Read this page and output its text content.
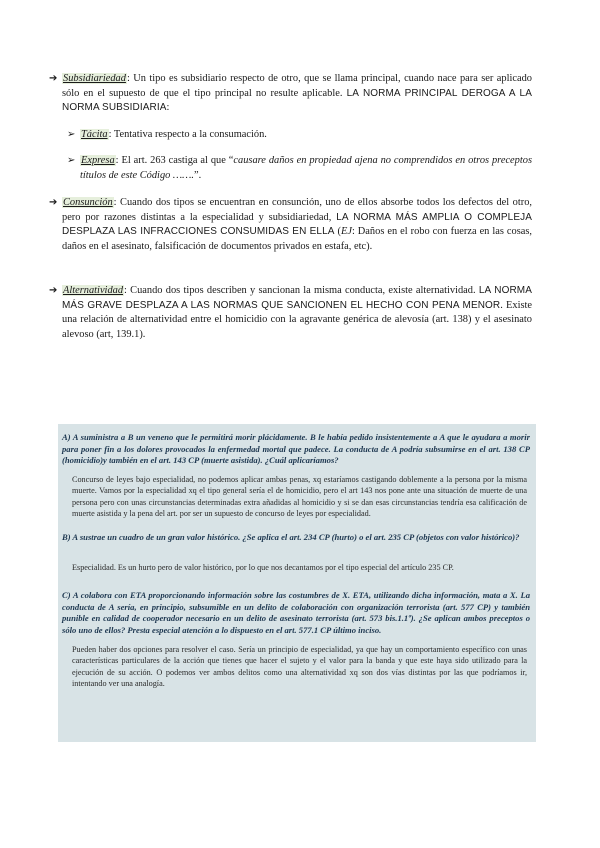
➔ Subsidiariedad: Un tipo es subsidiario respecto de otro, que se llama principal, cuando nace para ser aplicado sólo en el supuesto de que el tipo principal no resulte aplicable. LA NORMA PRINCIPAL DEROGA A LA NORMA SUBSIDIARIA:
➢ Tácita: Tentativa respecto a la consumación.
➢ Expresa: El art. 263 castiga al que “causare daños en propiedad ajena no comprendidos en otros preceptos títulos de este Código …….”.
➔ Consunción: Cuando dos tipos se encuentran en consunción, uno de ellos absorbe todos los defectos del otro, pero por razones distintas a la especialidad y subsidiariedad, LA NORMA MÁS AMPLIA O COMPLEJA DESPLAZA LAS INFRACCIONES CONSUMIDAS EN ELLA (EJ: Daños en el robo con fuerza en las cosas, daños en el asesinato, falsificación de documentos privados en estafa, etc).
➔ Alternatividad: Cuando dos tipos describen y sancionan la misma conducta, existe alternatividad. LA NORMA MÁS GRAVE DESPLAZA A LAS NORMAS QUE SANCIONEN EL HECHO CON PENA MENOR. Existe una relación de alternatividad entre el homicidio con la agravante genérica de alevosía (art. 138) y el asesinato alevoso (art, 139.1).
A) A suministra a B un veneno que le permitirá morir plácidamente. B le había pedido insistentemente a A que le ayudara a morir para poner fin a los dolores provocados la enfermedad mortal que padece. La conducta de A podría subsumirse en el art. 138 CP (homicidio)y también en el art. 143 CP (muerte asistida). ¿Cuál aplicaríamos?
Concurso de leyes bajo especialidad, no podemos aplicar ambas penas, xq estaríamos castigando doblemente a la persona por la misma muerte. Vamos por la especialidad xq el tipo general sería el de homicidio, pero el art 143 nos pone ante una situación de muerte de una persona pero con unas circunstancias determinadas extra añadidas al homicidio y si se dan esas circunstancias tendría esa calificación de muerte asistida y la pena del art. por ser un supuesto de concurso de leyes por especialidad.
B) A sustrae un cuadro de un gran valor histórico. ¿Se aplica el art. 234 CP (hurto) o el art. 235 CP (objetos con valor histórico)?
Especialidad. Es un hurto pero de valor histórico, por lo que nos decantamos por el tipo especial del artículo 235 CP.
C) A colabora con ETA proporcionando información sobre las costumbres de X. ETA, utilizando dicha información, mata a X. La conducta de A sería, en principio, subsumible en un delito de colaboración con organización terrorista (art. 577 CP) y también punible en calidad de cooperador necesario en un delito de asesinato terrorista (art. 573 bis.1.1º). ¿Se aplican ambos preceptos o sólo uno de ellos? Presta especial atención a lo dispuesto en el art. 577.1 CP último inciso.
Pueden haber dos opciones para resolver el caso. Sería un principio de especialidad, ya que hay un comportamiento específico con unas características particulares de la acción que tienes que hacer el sujeto y el valor para la banda y que este haya sido utilizado para la ejecución de su acción. O podemos ver ambos delitos como una alternatividad xq son dos vías distintas por las que podríamos ir, intentando ver una analogía.
